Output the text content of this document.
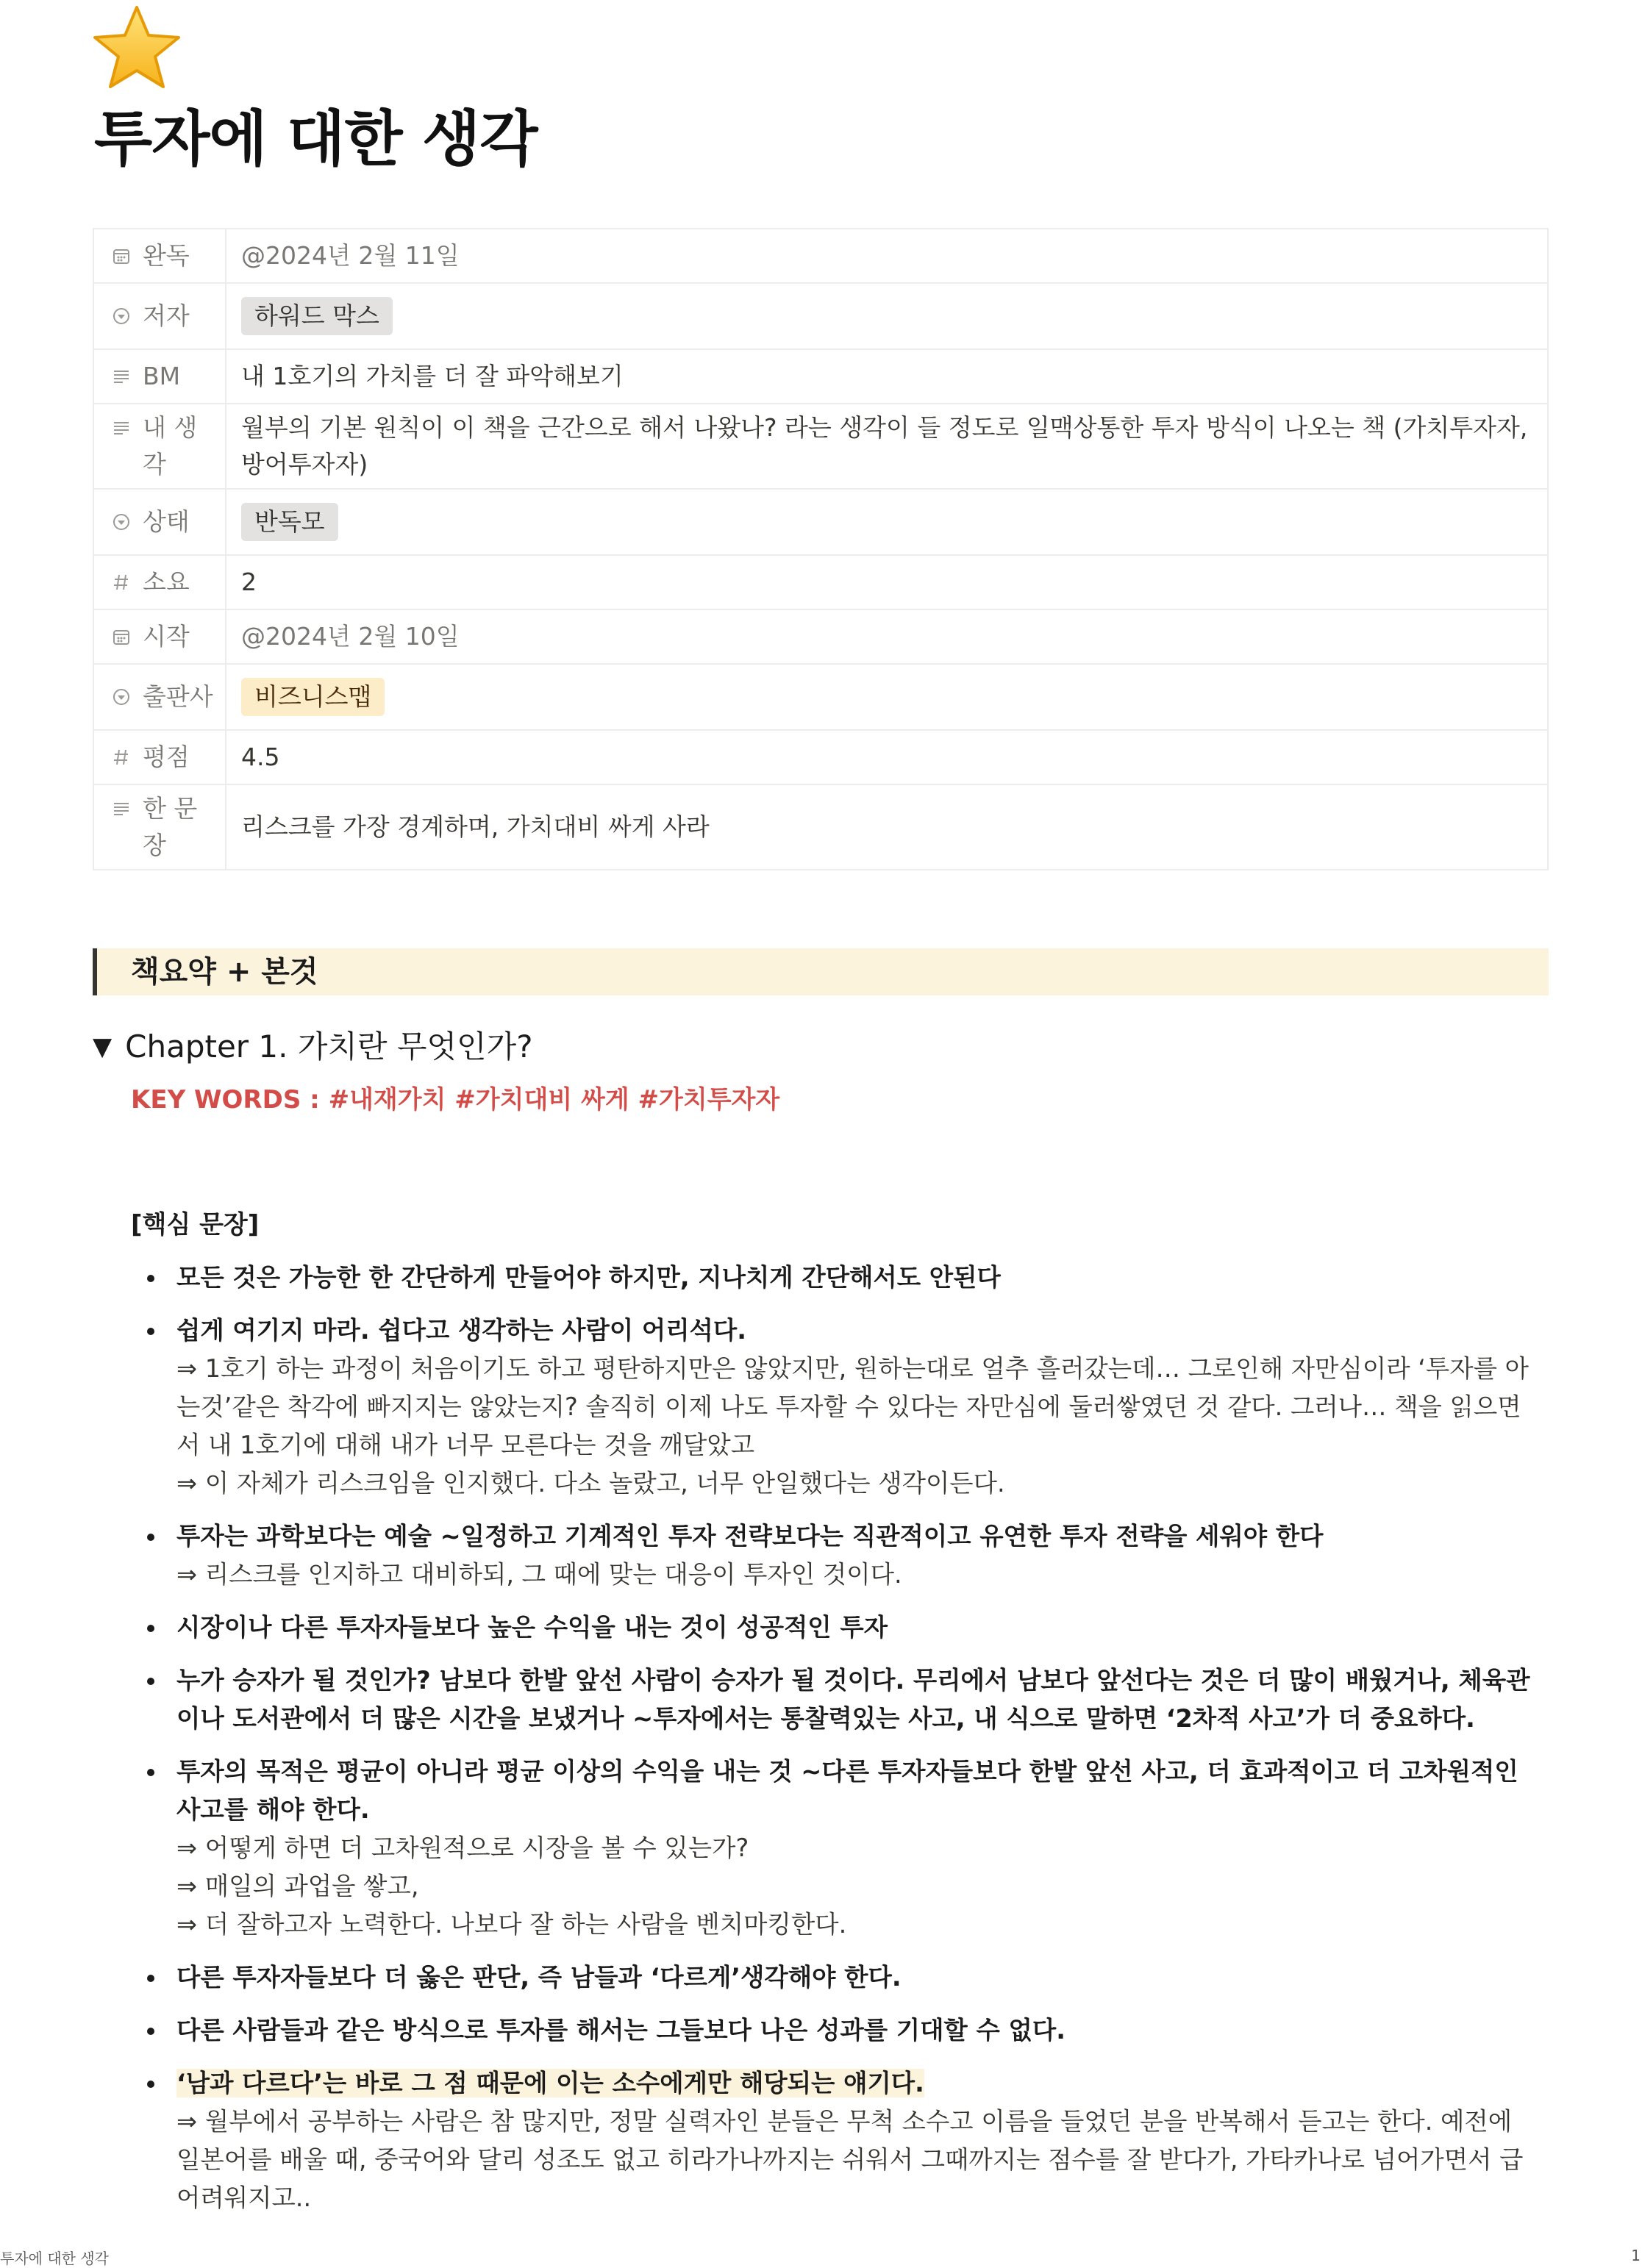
투자에 대한 생각
완독	@2024년 2월 11일

저자	하워드 막스

BM	내 1호기의 가치를 더 잘 파악해보기

내 생각	월부의 기본 원칙이 이 책을 근간으로 해서 나왔나? 라는 생각이 들 정도로 일맥상통한 투자 방식이 나오는 책 (가치투자자, 방어투자자)

상태	반독모

소요	2

시작	@2024년 2월 10일

출판사	비즈니스맵

평점	4.5

한 문장	리스크를 가장 경계하며, 가치대비 싸게 사라
책요약 + 본것
▼ Chapter 1. 가치란 무엇인가?
KEY WORDS : #내재가치 #가치대비 싸게 #가치투자자
[핵심 문장]
모든 것은 가능한 한 간단하게 만들어야 하지만, 지나치게 간단해서도 안된다
쉽게 여기지 마라. 쉽다고 생각하는 사람이 어리석다.
⇒ 1호기 하는 과정이 처음이기도 하고 평탄하지만은 않았지만, 원하는대로 얼추 흘러갔는데… 그로인해 자만심이라 ‘투자를 아는것’같은 착각에 빠지지는 않았는지? 솔직히 이제 나도 투자할 수 있다는 자만심에 둘러쌓였던 것 같다. 그러나… 책을 읽으면서 내 1호기에 대해 내가 너무 모른다는 것을 깨달았고
⇒ 이 자체가 리스크임을 인지했다. 다소 놀랐고, 너무 안일했다는 생각이든다.
투자는 과학보다는 예술 ~일정하고 기계적인 투자 전략보다는 직관적이고 유연한 투자 전략을 세워야 한다
⇒ 리스크를 인지하고 대비하되, 그 때에 맞는 대응이 투자인 것이다.
시장이나 다른 투자자들보다 높은 수익을 내는 것이 성공적인 투자
누가 승자가 될 것인가? 남보다 한발 앞선 사람이 승자가 될 것이다. 무리에서 남보다 앞선다는 것은 더 많이 배웠거나, 체육관이나 도서관에서 더 많은 시간을 보냈거나 ~투자에서는 통찰력있는 사고, 내 식으로 말하면 ‘2차적 사고’가 더 중요하다.
투자의 목적은 평균이 아니라 평균 이상의 수익을 내는 것 ~다른 투자자들보다 한발 앞선 사고, 더 효과적이고 더 고차원적인 사고를 해야 한다.
⇒ 어떻게 하면 더 고차원적으로 시장을 볼 수 있는가?
⇒ 매일의 과업을 쌓고,
⇒ 더 잘하고자 노력한다. 나보다 잘 하는 사람을 벤치마킹한다.
다른 투자자들보다 더 옳은 판단, 즉 남들과 ‘다르게’생각해야 한다.
다른 사람들과 같은 방식으로 투자를 해서는 그들보다 나은 성과를 기대할 수 없다.
‘남과 다르다’는 바로 그 점 때문에 이는 소수에게만 해당되는 얘기다.
⇒ 월부에서 공부하는 사람은 참 많지만, 정말 실력자인 분들은 무척 소수고 이름을 들었던 분을 반복해서 듣고는 한다. 예전에 일본어를 배울 때, 중국어와 달리 성조도 없고 히라가나까지는 쉬워서 그때까지는 점수를 잘 받다가, 가타카나로 넘어가면서 급 어려워지고..
투자에 대한 생각	1
